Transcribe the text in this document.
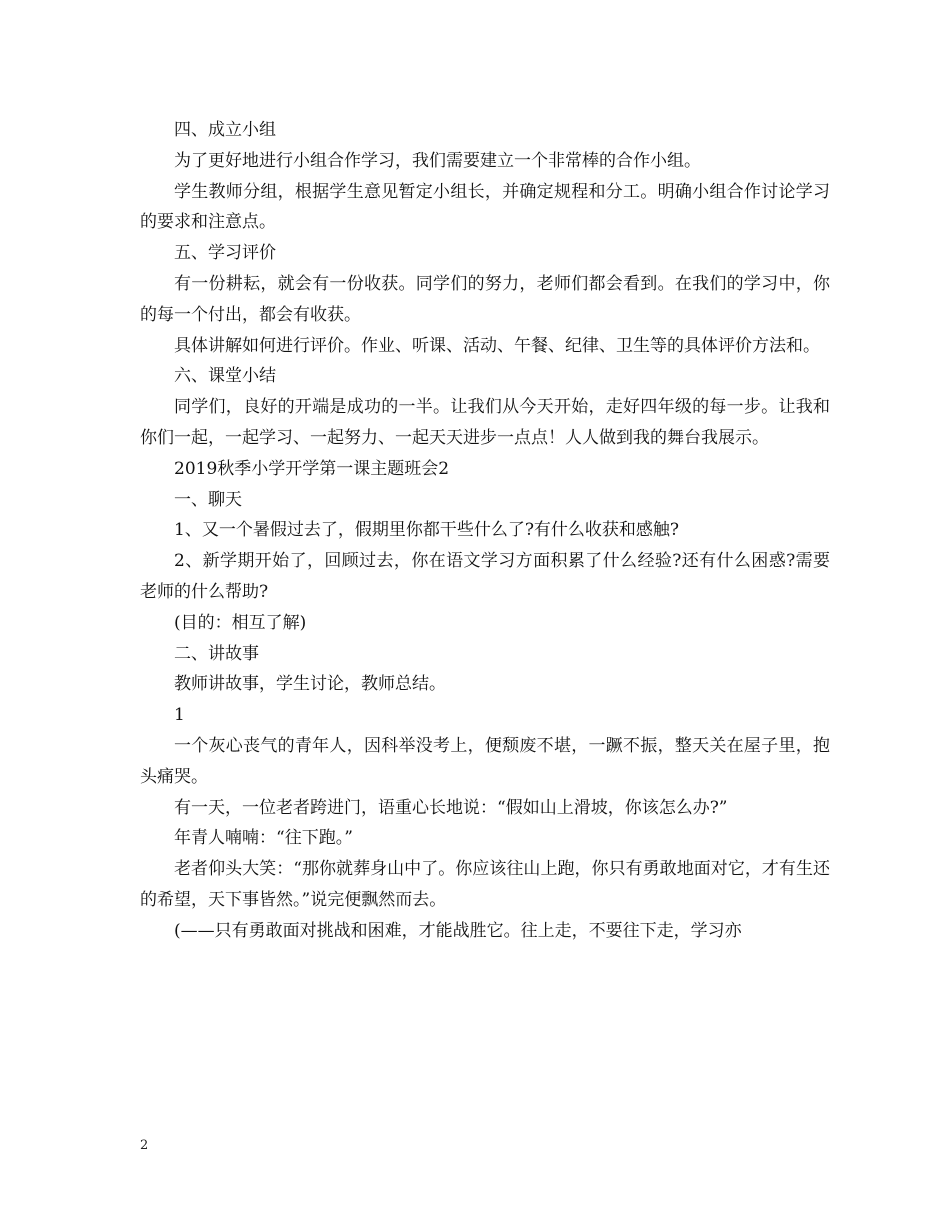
四、成立小组

为了更好地进行小组合作学习，我们需要建立一个非常棒的合作小组。

学生教师分组，根据学生意见暂定小组长，并确定规程和分工。明确小组合作讨论学习的要求和注意点。

五、学习评价

有一份耕耘，就会有一份收获。同学们的努力，老师们都会看到。在我们的学习中，你的每一个付出，都会有收获。

具体讲解如何进行评价。作业、听课、活动、午餐、纪律、卫生等的具体评价方法和。

六、课堂小结

同学们，良好的开端是成功的一半。让我们从今天开始，走好四年级的每一步。让我和你们一起，一起学习、一起努力、一起天天进步一点点！人人做到我的舞台我展示。

2019秋季小学开学第一课主题班会2

一、聊天

1、又一个暑假过去了，假期里你都干些什么了?有什么收获和感触?

2、新学期开始了，回顾过去，你在语文学习方面积累了什么经验?还有什么困惑?需要老师的什么帮助?

(目的：相互了解)

二、讲故事

教师讲故事，学生讨论，教师总结。

1

一个灰心丧气的青年人，因科举没考上，便颓废不堪，一蹶不振，整天关在屋子里，抱头痛哭。

有一天，一位老者跨进门，语重心长地说：“假如山上滑坡，你该怎么办?”

年青人喃喃：“往下跑。”

老者仰头大笑：“那你就葬身山中了。你应该往山上跑，你只有勇敢地面对它，才有生还的希望，天下事皆然。”说完便飘然而去。

(——只有勇敢面对挑战和困难，才能战胜它。往上走，不要往下走，学习亦

2
